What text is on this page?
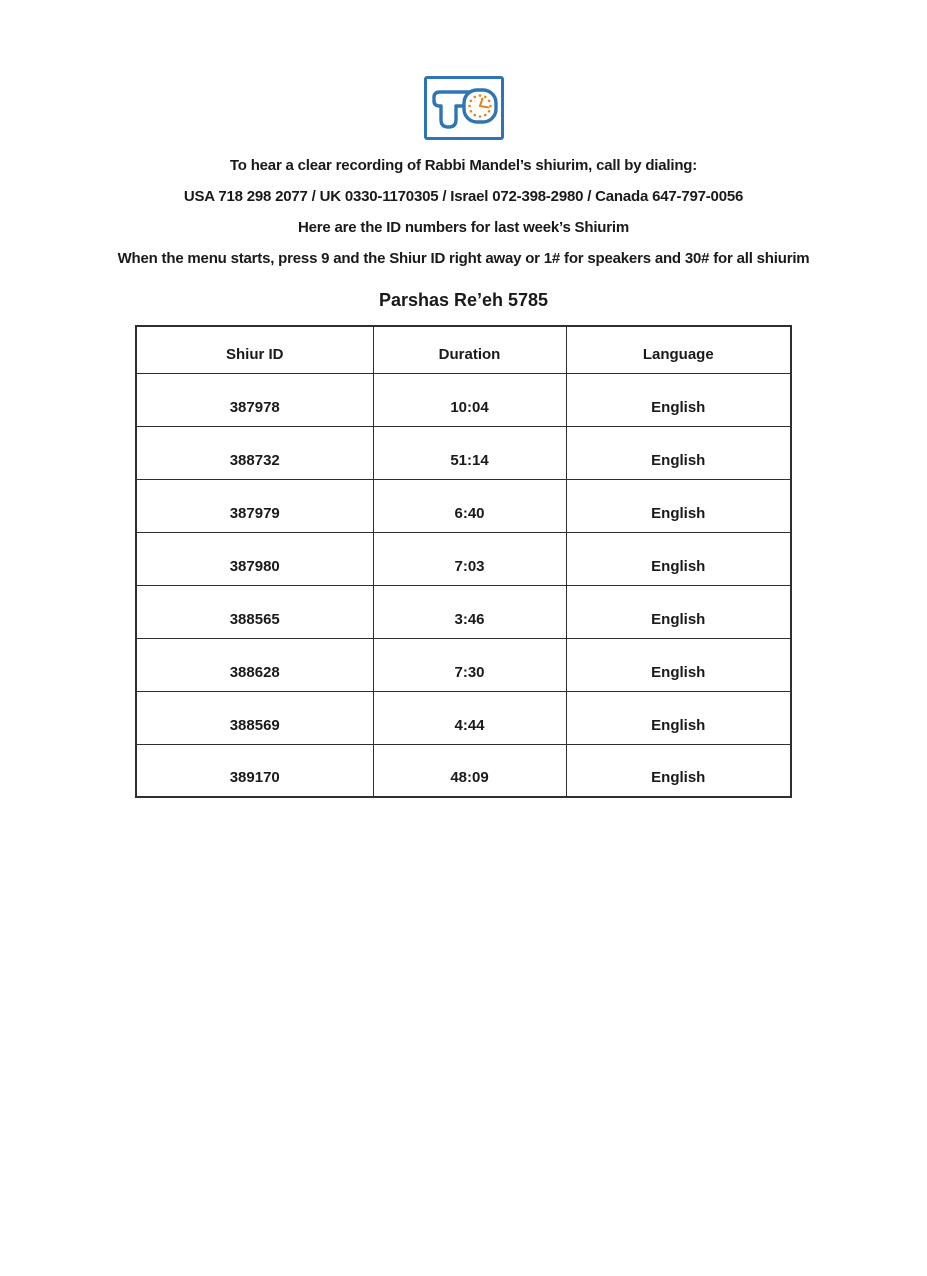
To hear a clear recording of Rabbi Mandel’s shiurim, call by dialing:

USA 718 298 2077 / UK 0330-1170305 / Israel 072-398-2980 / Canada 647-797-0056

Here are the ID numbers for last week’s Shiurim

When the menu starts, press 9 and the Shiur ID right away or 1# for speakers and 30# for all shiurim

Parshas Re’eh 5785
Shiur ID	Duration	Language
387978	10:04	English
388732	51:14	English
387979	6:40	English
387980	7:03	English
388565	3:46	English
388628	7:30	English
388569	4:44	English
389170	48:09	English
